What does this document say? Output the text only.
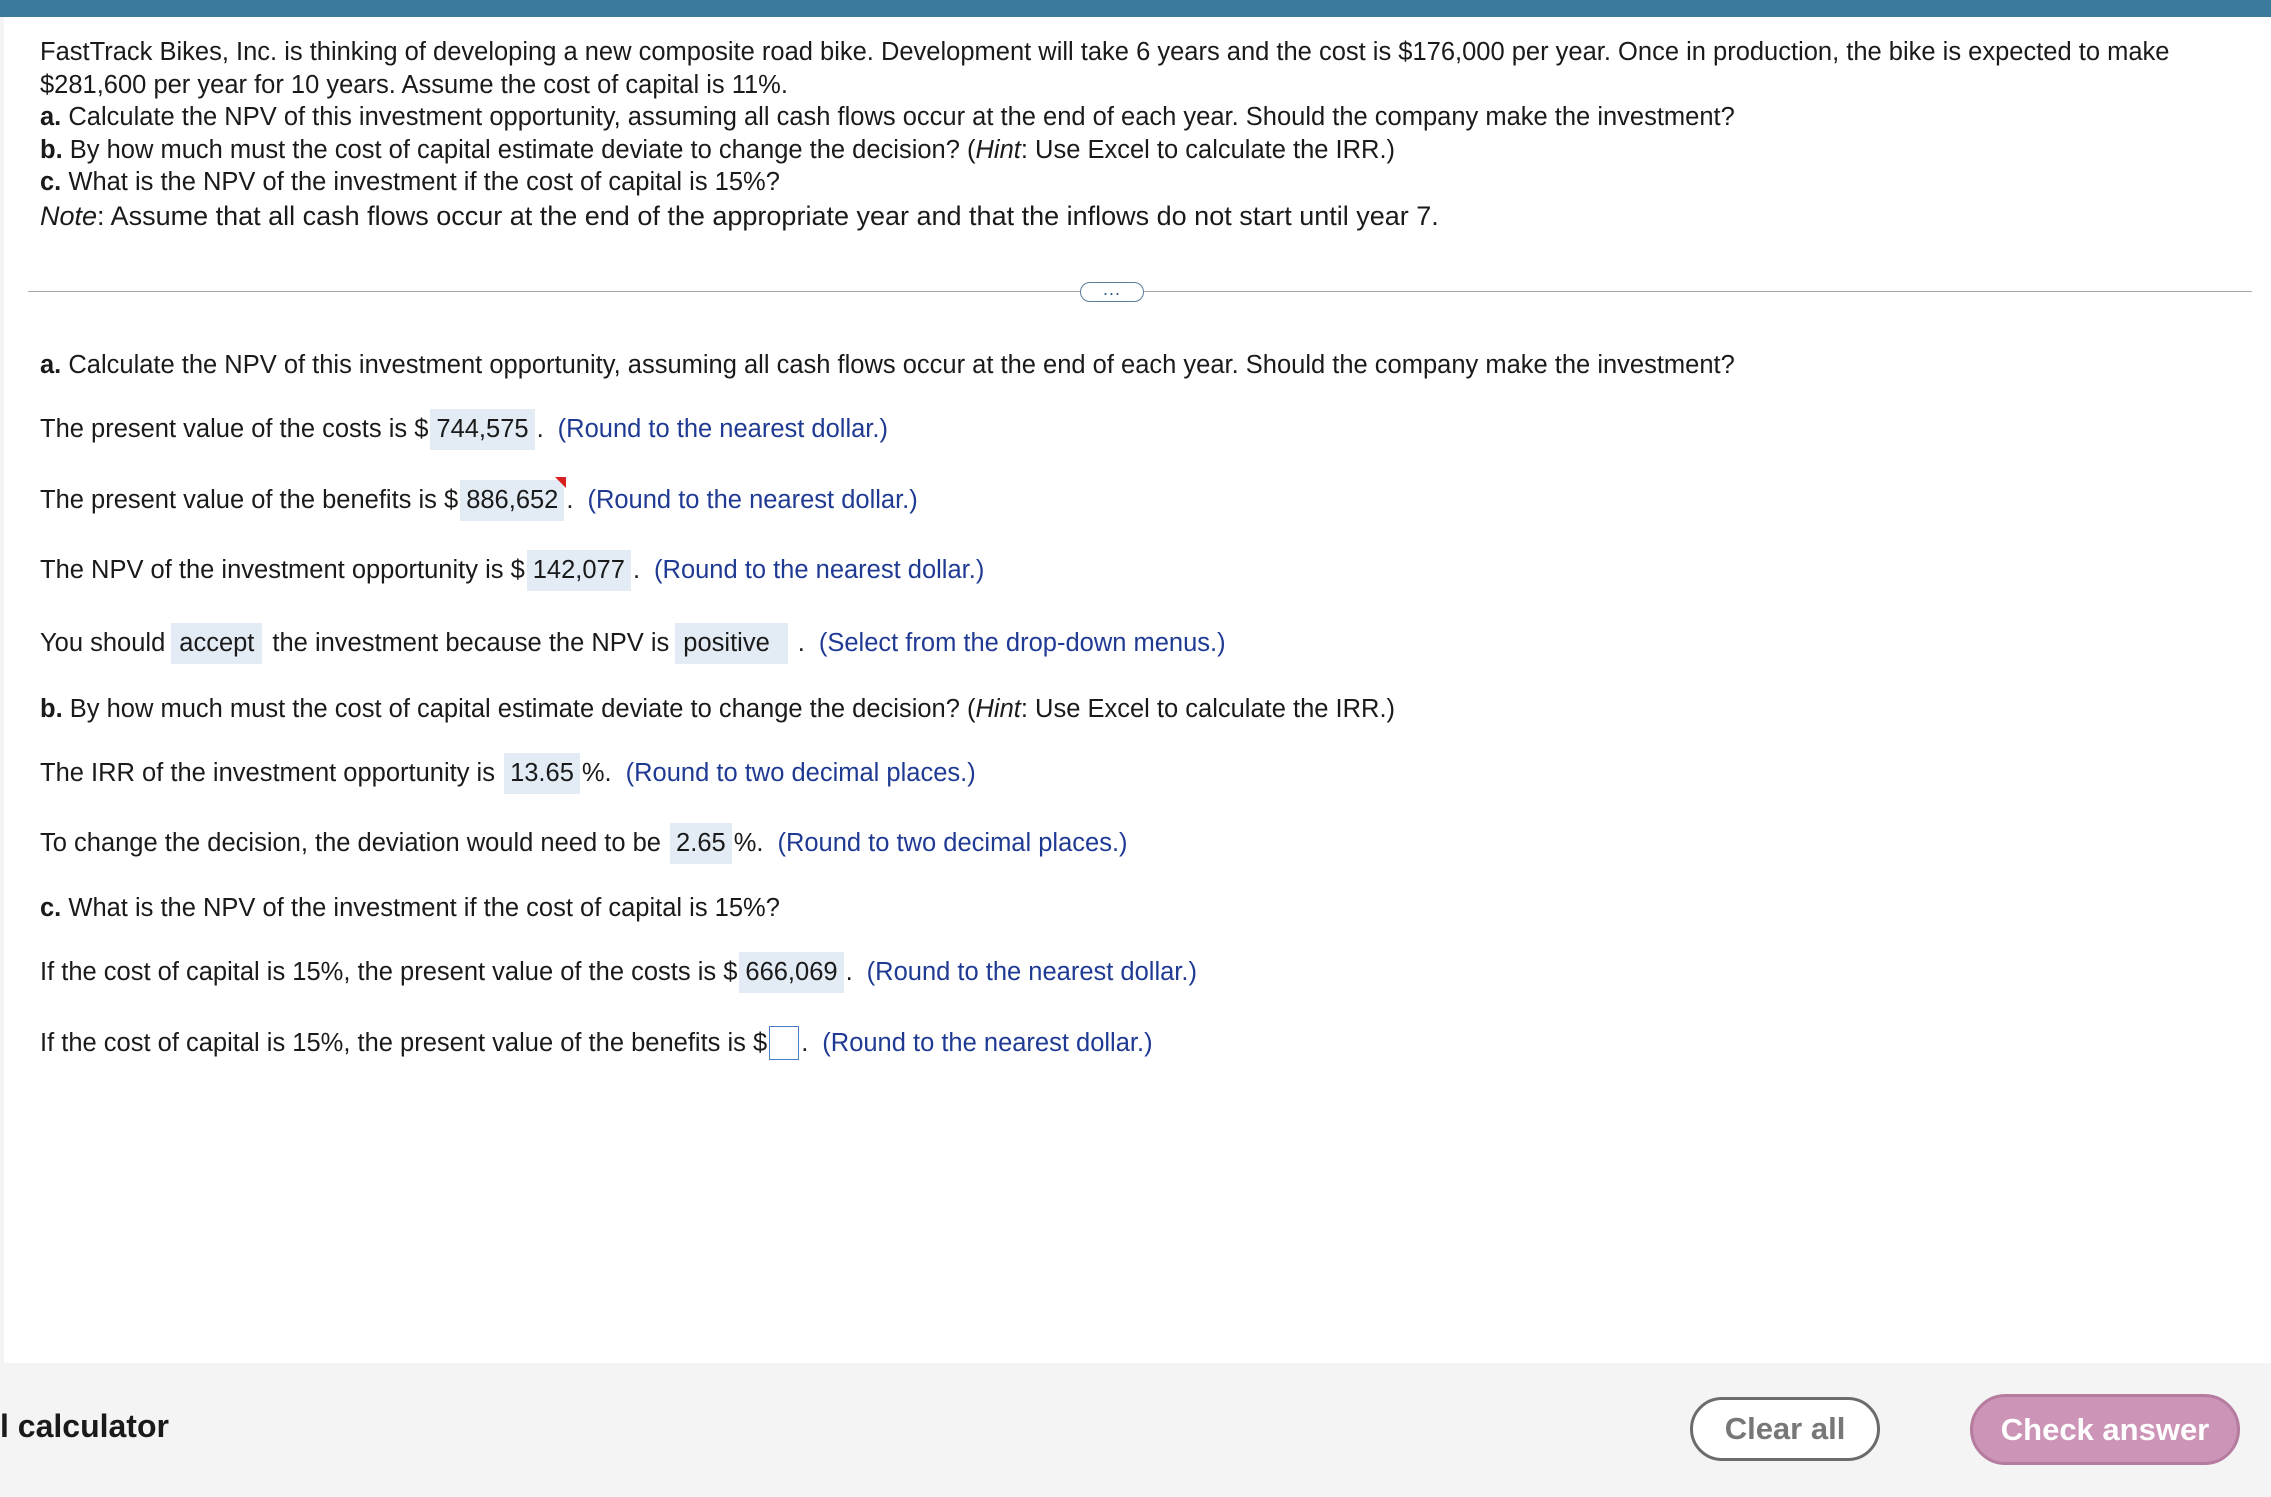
FastTrack Bikes, Inc. is thinking of developing a new composite road bike. Development will take 6 years and the cost is $176,000 per year. Once in production, the bike is expected to make $281,600 per year for 10 years. Assume the cost of capital is 11%.

a. Calculate the NPV of this investment opportunity, assuming all cash flows occur at the end of each year. Should the company make the investment?

b. By how much must the cost of capital estimate deviate to change the decision? (Hint: Use Excel to calculate the IRR.)

c. What is the NPV of the investment if the cost of capital is 15%?

Note: Assume that all cash flows occur at the end of the appropriate year and that the inflows do not start until year 7.

...
a.
Calculate the NPV of this investment opportunity, assuming all cash flows occur at the end of each year. Should the company make the investment?
The present value of the costs is $ 744,575 . (Round to the nearest dollar.)
The present value of the benefits is $ 886,652 . (Round to the nearest dollar.)
The NPV of the investment opportunity is $ 142,077 . (Round to the nearest dollar.)
You should accept the investment because the NPV is positive	. (Select from the drop-down menus.)
b.
By how much must the cost of capital estimate deviate to change the decision? ( Hint : Use Excel to calculate the IRR.)
The IRR of the investment opportunity is
13.65 %. (Round to two decimal places.)
To change the decision, the deviation would need to be
2.65 %. (Round to two decimal places.)
c.
What is the NPV of the investment if the cost of capital is 15%?
If the cost of capital is 15%, the present value of the costs is $ 666,069 . (Round to the nearest dollar.)
If the cost of capital is 15%, the present value of the benefits is $ . (Round to the nearest dollar.)
l calculator	Clear all	Check answer
